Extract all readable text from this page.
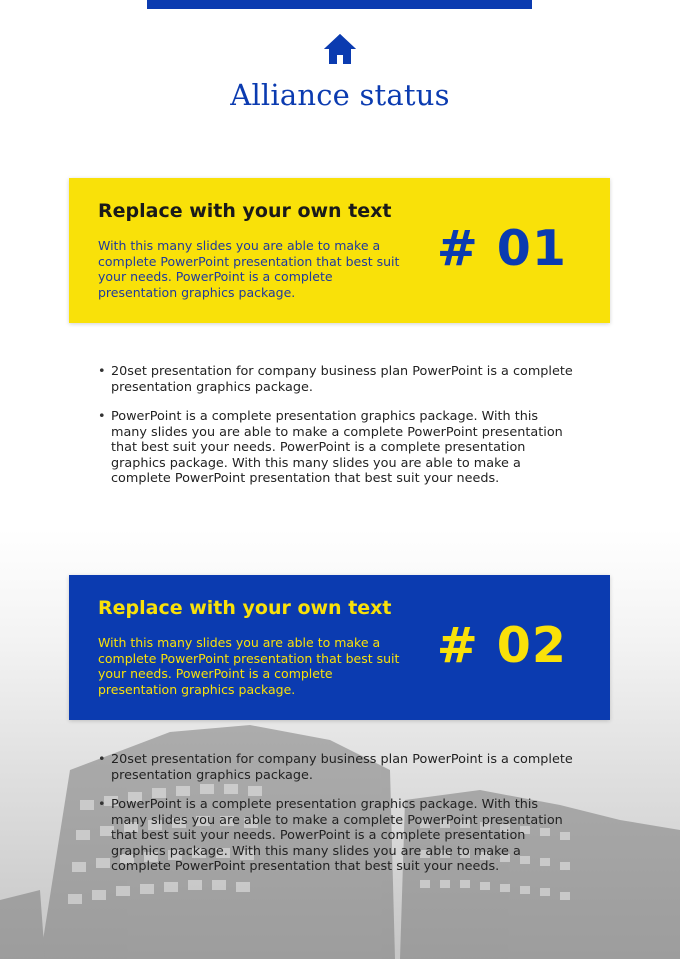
Alliance status
Replace with your own text
With this many slides you are able to make a complete PowerPoint presentation that best suit your needs. PowerPoint is a complete presentation graphics package.
# 01
• 20set presentation for company business plan PowerPoint is a complete presentation graphics package.
• PowerPoint is a complete presentation graphics package. With this many slides you are able to make a complete PowerPoint presentation that best suit your needs. PowerPoint is a complete presentation graphics package. With this many slides you are able to make a complete PowerPoint presentation that best suit your needs.
Replace with your own text
With this many slides you are able to make a complete PowerPoint presentation that best suit your needs. PowerPoint is a complete presentation graphics package.
# 02
• 20set presentation for company business plan PowerPoint is a complete presentation graphics package.
• PowerPoint is a complete presentation graphics package. With this many slides you are able to make a complete PowerPoint presentation that best suit your needs. PowerPoint is a complete presentation graphics package. With this many slides you are able to make a complete PowerPoint presentation that best suit your needs.
